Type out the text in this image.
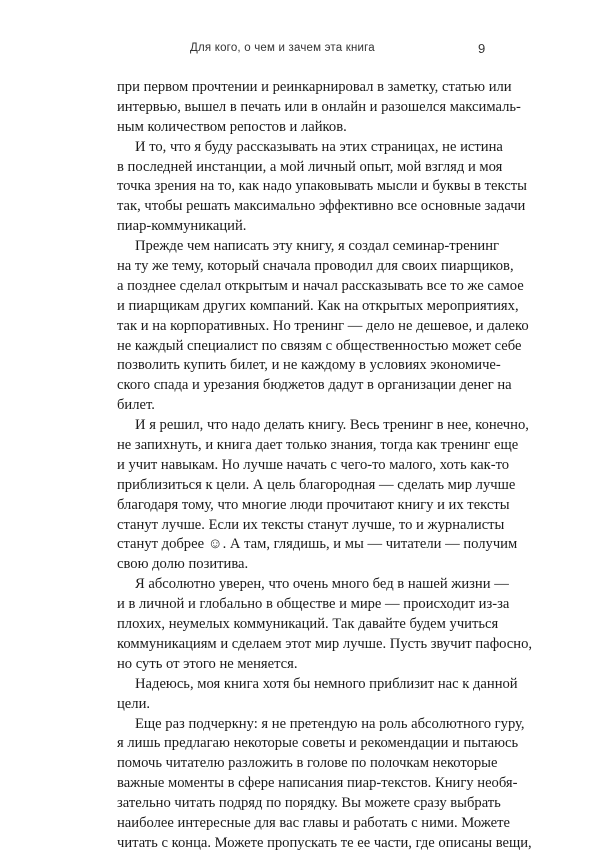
Для кого, о чем и зачем эта книга	9
при первом прочтении и реинкарнировал в заметку, статью или
интервью, вышел в печать или в онлайн и разошелся максималь-
ным количеством репостов и лайков.
И то, что я буду рассказывать на этих страницах, не истина
в последней инстанции, а мой личный опыт, мой взгляд и моя
точка зрения на то, как надо упаковывать мысли и буквы в тексты
так, чтобы решать максимально эффективно все основные задачи
пиар-коммуникаций.
Прежде чем написать эту книгу, я создал семинар-тренинг
на ту же тему, который сначала проводил для своих пиарщиков,
а позднее сделал открытым и начал рассказывать все то же самое
и пиарщикам других компаний. Как на открытых мероприятиях,
так и на корпоративных. Но тренинг — дело не дешевое, и далеко
не каждый специалист по связям с общественностью может себе
позволить купить билет, и не каждому в условиях экономиче-
ского спада и урезания бюджетов дадут в организации денег на
билет.
И я решил, что надо делать книгу. Весь тренинг в нее, конечно,
не запихнуть, и книга дает только знания, тогда как тренинг еще
и учит навыкам. Но лучше начать с чего-то малого, хоть как-то
приблизиться к цели. А цель благородная — сделать мир лучше
благодаря тому, что многие люди прочитают книгу и их тексты
станут лучше. Если их тексты станут лучше, то и журналисты
станут добрее ☺. А там, глядишь, и мы — читатели — получим
свою долю позитива.
Я абсолютно уверен, что очень много бед в нашей жизни —
и в личной и глобально в обществе и мире — происходит из-за
плохих, неумелых коммуникаций. Так давайте будем учиться
коммуникациям и сделаем этот мир лучше. Пусть звучит пафосно,
но суть от этого не меняется.
Надеюсь, моя книга хотя бы немного приблизит нас к данной
цели.
Еще раз подчеркну: я не претендую на роль абсолютного гуру,
я лишь предлагаю некоторые советы и рекомендации и пытаюсь
помочь читателю разложить в голове по полочкам некоторые
важные моменты в сфере написания пиар-текстов. Книгу необя-
зательно читать подряд по порядку. Вы можете сразу выбрать
наиболее интересные для вас главы и работать с ними. Можете
читать с конца. Можете пропускать те ее части, где описаны вещи,
